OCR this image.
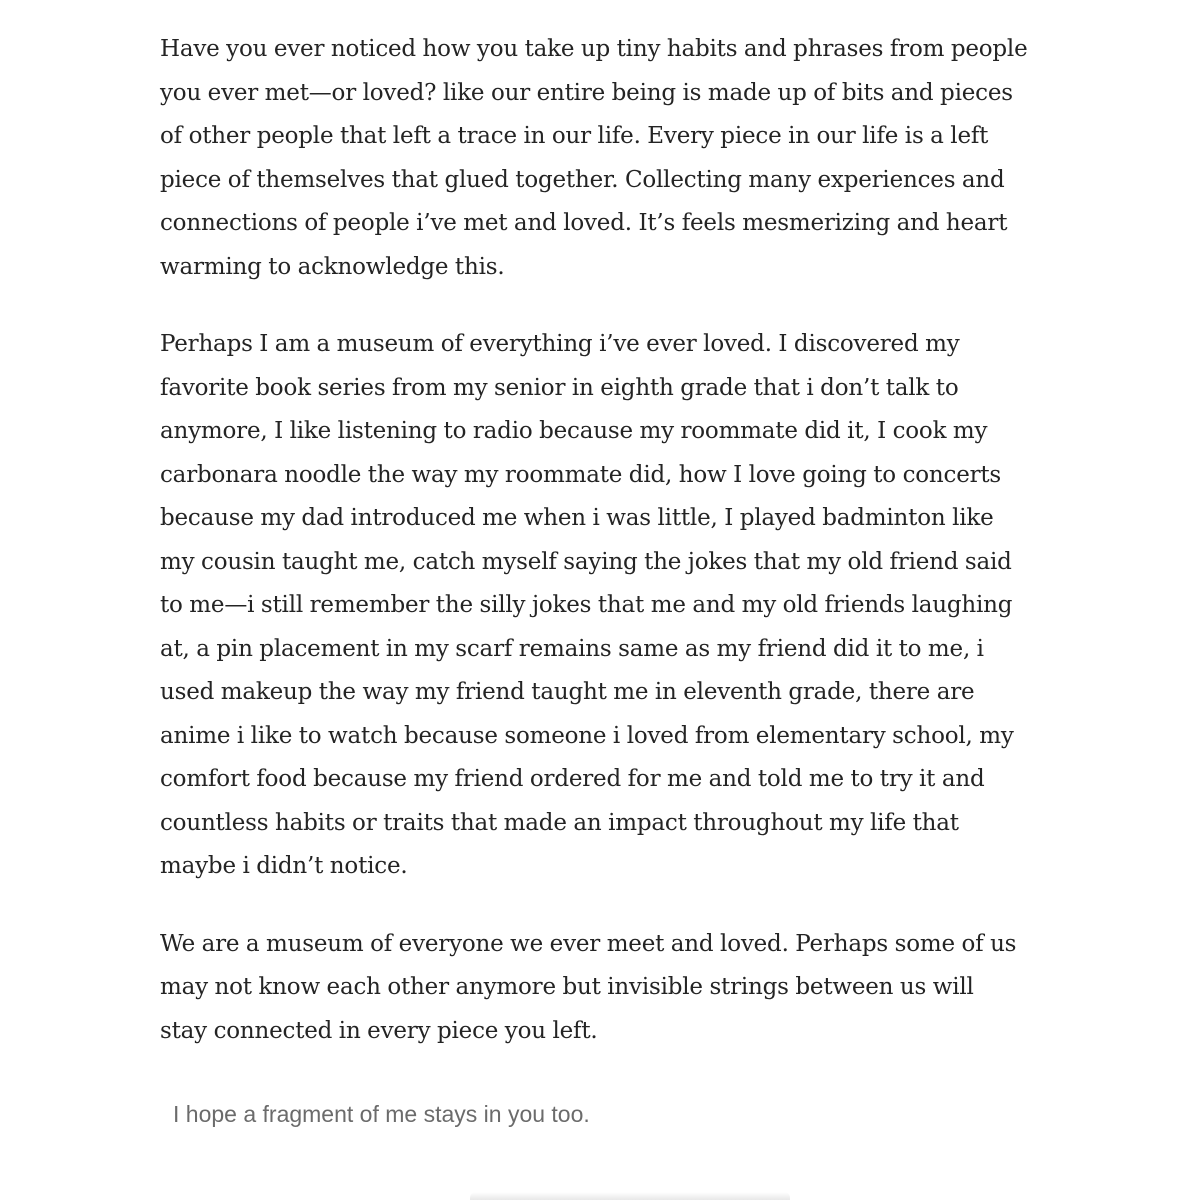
Have you ever noticed how you take up tiny habits and phrases from people
you ever met—or loved? like our entire being is made up of bits and pieces
of other people that left a trace in our life. Every piece in our life is a left
piece of themselves that glued together. Collecting many experiences and
connections of people i’ve met and loved. It’s feels mesmerizing and heart
warming to acknowledge this.

Perhaps I am a museum of everything i’ve ever loved. I discovered my
favorite book series from my senior in eighth grade that i don’t talk to
anymore, I like listening to radio because my roommate did it, I cook my
carbonara noodle the way my roommate did, how I love going to concerts
because my dad introduced me when i was little, I played badminton like
my cousin taught me, catch myself saying the jokes that my old friend said
to me—i still remember the silly jokes that me and my old friends laughing
at, a pin placement in my scarf remains same as my friend did it to me, i
used makeup the way my friend taught me in eleventh grade, there are
anime i like to watch because someone i loved from elementary school, my
comfort food because my friend ordered for me and told me to try it and
countless habits or traits that made an impact throughout my life that
maybe i didn’t notice.

We are a museum of everyone we ever meet and loved. Perhaps some of us
may not know each other anymore but invisible strings between us will
stay connected in every piece you left.

I hope a fragment of me stays in you too.
